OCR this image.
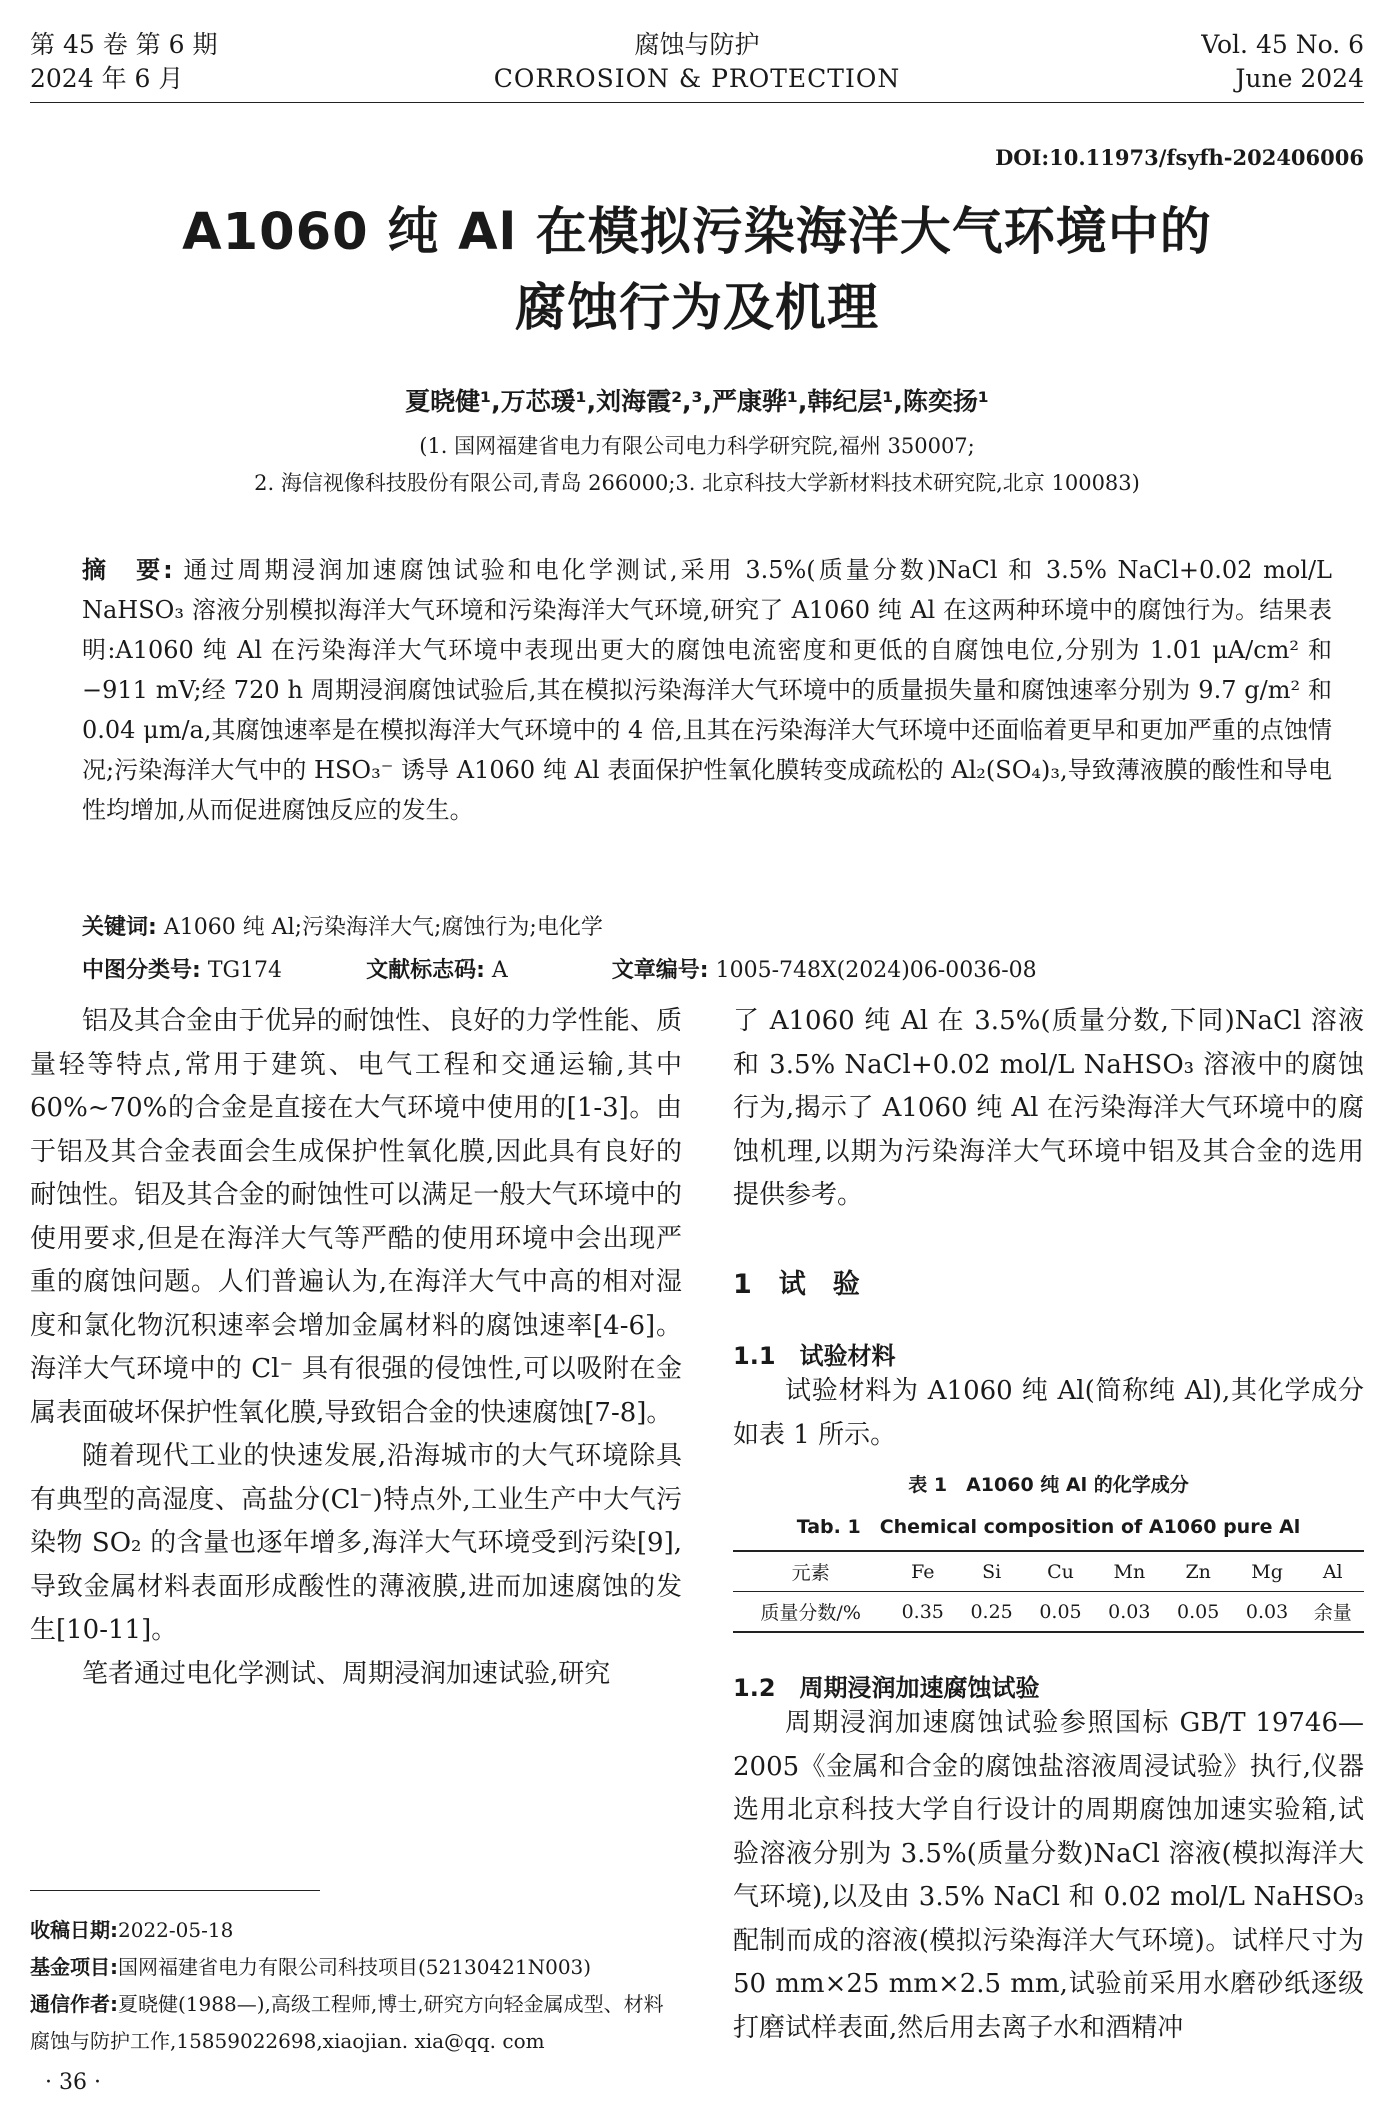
第 45 卷 第 6 期
2024 年 6 月
腐蚀与防护
CORROSION & PROTECTION
Vol. 45 No. 6
June 2024
DOI:10.11973/fsyfh-202406006
A1060 纯 Al 在模拟污染海洋大气环境中的
腐蚀行为及机理
夏晓健¹,万芯瑗¹,刘海霞²,³,严康骅¹,韩纪层¹,陈奕扬¹
(1. 国网福建省电力有限公司电力科学研究院,福州 350007;
2. 海信视像科技股份有限公司,青岛 266000;3. 北京科技大学新材料技术研究院,北京 100083)
摘　要: 通过周期浸润加速腐蚀试验和电化学测试,采用 3.5%(质量分数)NaCl 和 3.5% NaCl+0.02 mol/L NaHSO₃ 溶液分别模拟海洋大气环境和污染海洋大气环境,研究了 A1060 纯 Al 在这两种环境中的腐蚀行为。结果表明:A1060 纯 Al 在污染海洋大气环境中表现出更大的腐蚀电流密度和更低的自腐蚀电位,分别为 1.01 μA/cm² 和 −911 mV;经 720 h 周期浸润腐蚀试验后,其在模拟污染海洋大气环境中的质量损失量和腐蚀速率分别为 9.7 g/m² 和 0.04 μm/a,其腐蚀速率是在模拟海洋大气环境中的 4 倍,且其在污染海洋大气环境中还面临着更早和更加严重的点蚀情况;污染海洋大气中的 HSO₃⁻ 诱导 A1060 纯 Al 表面保护性氧化膜转变成疏松的 Al₂(SO₄)₃,导致薄液膜的酸性和导电性均增加,从而促进腐蚀反应的发生。
关键词: A1060 纯 Al;污染海洋大气;腐蚀行为;电化学
中图分类号: TG174	文献标志码: A	文章编号: 1005-748X(2024)06-0036-08

铝及其合金由于优异的耐蚀性、良好的力学性能、质量轻等特点,常用于建筑、电气工程和交通运输,其中 60%~70%的合金是直接在大气环境中使用的[1-3]。由于铝及其合金表面会生成保护性氧化膜,因此具有良好的耐蚀性。铝及其合金的耐蚀性可以满足一般大气环境中的使用要求,但是在海洋大气等严酷的使用环境中会出现严重的腐蚀问题。人们普遍认为,在海洋大气中高的相对湿度和氯化物沉积速率会增加金属材料的腐蚀速率[4-6]。海洋大气环境中的 Cl⁻ 具有很强的侵蚀性,可以吸附在金属表面破坏保护性氧化膜,导致铝合金的快速腐蚀[7-8]。

随着现代工业的快速发展,沿海城市的大气环境除具有典型的高湿度、高盐分(Cl⁻)特点外,工业生产中大气污染物 SO₂ 的含量也逐年增多,海洋大气环境受到污染[9],导致金属材料表面形成酸性的薄液膜,进而加速腐蚀的发生[10-11]。

笔者通过电化学测试、周期浸润加速试验,研究

了 A1060 纯 Al 在 3.5%(质量分数,下同)NaCl 溶液和 3.5% NaCl+0.02 mol/L NaHSO₃ 溶液中的腐蚀行为,揭示了 A1060 纯 Al 在污染海洋大气环境中的腐蚀机理,以期为污染海洋大气环境中铝及其合金的选用提供参考。

1　试　验
1.1　试验材料

试验材料为 A1060 纯 Al(简称纯 Al),其化学成分如表 1 所示。

表 1　A1060 纯 Al 的化学成分
Tab. 1　Chemical composition of A1060 pure Al
元素	Fe	Si	Cu	Mn	Zn	Mg	Al
质量分数/%	0.35	0.25	0.05	0.03	0.05	0.03	余量
1.2　周期浸润加速腐蚀试验

周期浸润加速腐蚀试验参照国标 GB/T 19746—2005《金属和合金的腐蚀盐溶液周浸试验》执行,仪器选用北京科技大学自行设计的周期腐蚀加速实验箱,试验溶液分别为 3.5%(质量分数)NaCl 溶液(模拟海洋大气环境),以及由 3.5% NaCl 和 0.02 mol/L NaHSO₃ 配制而成的溶液(模拟污染海洋大气环境)。试样尺寸为 50 mm×25 mm×2.5 mm,试验前采用水磨砂纸逐级打磨试样表面,然后用去离子水和酒精冲

收稿日期:2022-05-18
基金项目:国网福建省电力有限公司科技项目(52130421N003)
通信作者:夏晓健(1988—),高级工程师,博士,研究方向轻金属成型、材料腐蚀与防护工作,15859022698,xiaojian. xia@qq. com
· 36 ·
